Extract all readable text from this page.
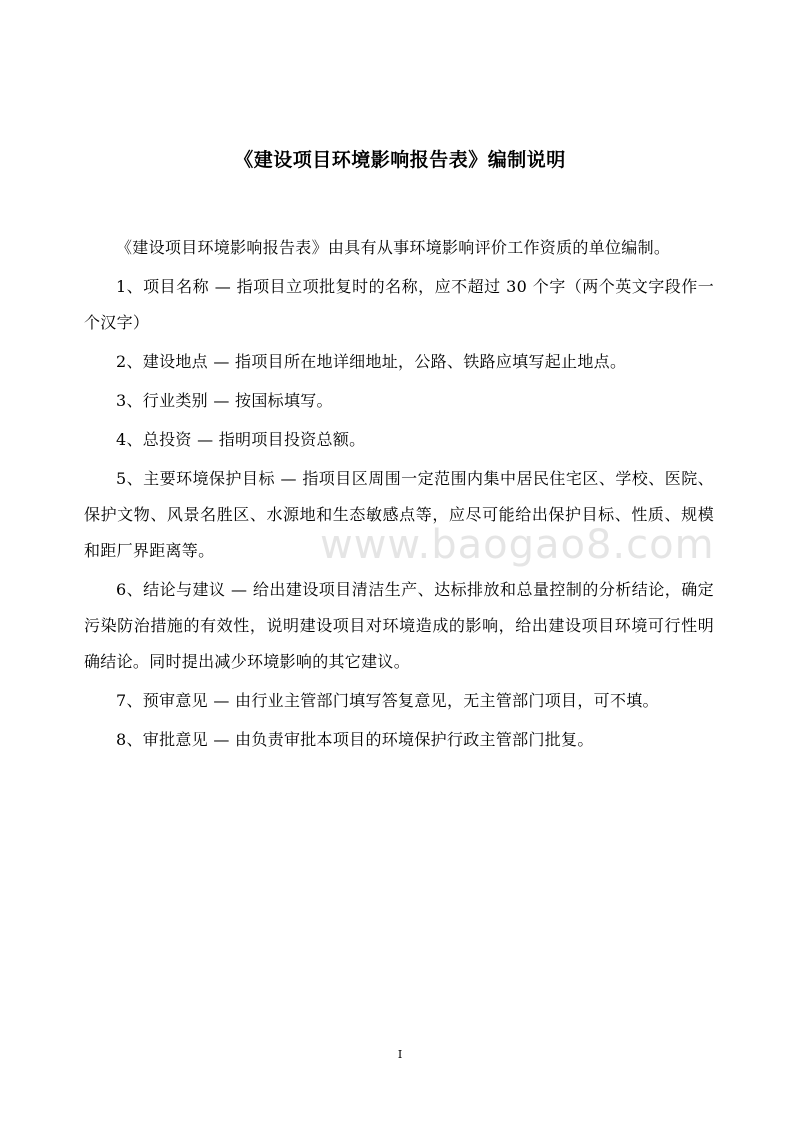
《建设项目环境影响报告表》编制说明

《建设项目环境影响报告表》由具有从事环境影响评价工作资质的单位编制。

1、项目名称 — 指项目立项批复时的名称，应不超过 30 个字（两个英文字段作一个汉字）

2、建设地点 — 指项目所在地详细地址，公路、铁路应填写起止地点。

3、行业类别 — 按国标填写。

4、总投资 — 指明项目投资总额。

5、主要环境保护目标 — 指项目区周围一定范围内集中居民住宅区、学校、医院、保护文物、风景名胜区、水源地和生态敏感点等，应尽可能给出保护目标、性质、规模和距厂界距离等。

6、结论与建议 — 给出建设项目清洁生产、达标排放和总量控制的分析结论，确定污染防治措施的有效性，说明建设项目对环境造成的影响，给出建设项目环境可行性明确结论。同时提出减少环境影响的其它建议。

7、预审意见 — 由行业主管部门填写答复意见，无主管部门项目，可不填。

8、审批意见 — 由负责审批本项目的环境保护行政主管部门批复。

www.baogao8.com
I
